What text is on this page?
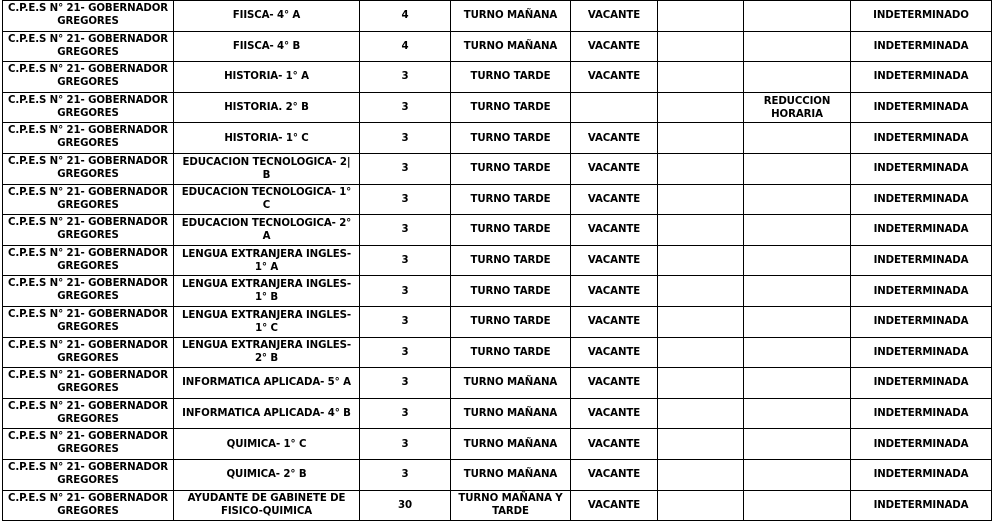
C.P.E.S N° 21- GOBERNADOR GREGORES	FIISCA- 4° A	4	TURNO MAÑANA	VACANTE			INDETERMINADO
C.P.E.S N° 21- GOBERNADOR GREGORES	FIISCA- 4° B	4	TURNO MAÑANA	VACANTE			INDETERMINADA
C.P.E.S N° 21- GOBERNADOR GREGORES	HISTORIA- 1° A	3	TURNO TARDE	VACANTE			INDETERMINADA
C.P.E.S N° 21- GOBERNADOR GREGORES	HISTORIA. 2° B	3	TURNO TARDE			REDUCCION HORARIA	INDETERMINADA
C.P.E.S N° 21- GOBERNADOR GREGORES	HISTORIA- 1° C	3	TURNO TARDE	VACANTE			INDETERMINADA
C.P.E.S N° 21- GOBERNADOR GREGORES	EDUCACION TECNOLOGICA- 2| B	3	TURNO TARDE	VACANTE			INDETERMINADA
C.P.E.S N° 21- GOBERNADOR GREGORES	EDUCACION TECNOLOGICA- 1° C	3	TURNO TARDE	VACANTE			INDETERMINADA
C.P.E.S N° 21- GOBERNADOR GREGORES	EDUCACION TECNOLOGICA- 2° A	3	TURNO TARDE	VACANTE			INDETERMINADA
C.P.E.S N° 21- GOBERNADOR GREGORES	LENGUA EXTRANJERA INGLES-1° A	3	TURNO TARDE	VACANTE			INDETERMINADA
C.P.E.S N° 21- GOBERNADOR GREGORES	LENGUA EXTRANJERA INGLES-1° B	3	TURNO TARDE	VACANTE			INDETERMINADA
C.P.E.S N° 21- GOBERNADOR GREGORES	LENGUA EXTRANJERA INGLES-1° C	3	TURNO TARDE	VACANTE			INDETERMINADA
C.P.E.S N° 21- GOBERNADOR GREGORES	LENGUA EXTRANJERA INGLES-2° B	3	TURNO TARDE	VACANTE			INDETERMINADA
C.P.E.S N° 21- GOBERNADOR GREGORES	INFORMATICA APLICADA- 5° A	3	TURNO MAÑANA	VACANTE			INDETERMINADA
C.P.E.S N° 21- GOBERNADOR GREGORES	INFORMATICA APLICADA- 4° B	3	TURNO MAÑANA	VACANTE			INDETERMINADA
C.P.E.S N° 21- GOBERNADOR GREGORES	QUIMICA- 1° C	3	TURNO MAÑANA	VACANTE			INDETERMINADA
C.P.E.S N° 21- GOBERNADOR GREGORES	QUIMICA- 2° B	3	TURNO MAÑANA	VACANTE			INDETERMINADA
C.P.E.S N° 21- GOBERNADOR GREGORES	AYUDANTE DE GABINETE DE FISICO-QUIMICA	30	TURNO MAÑANA Y TARDE	VACANTE			INDETERMINADA
